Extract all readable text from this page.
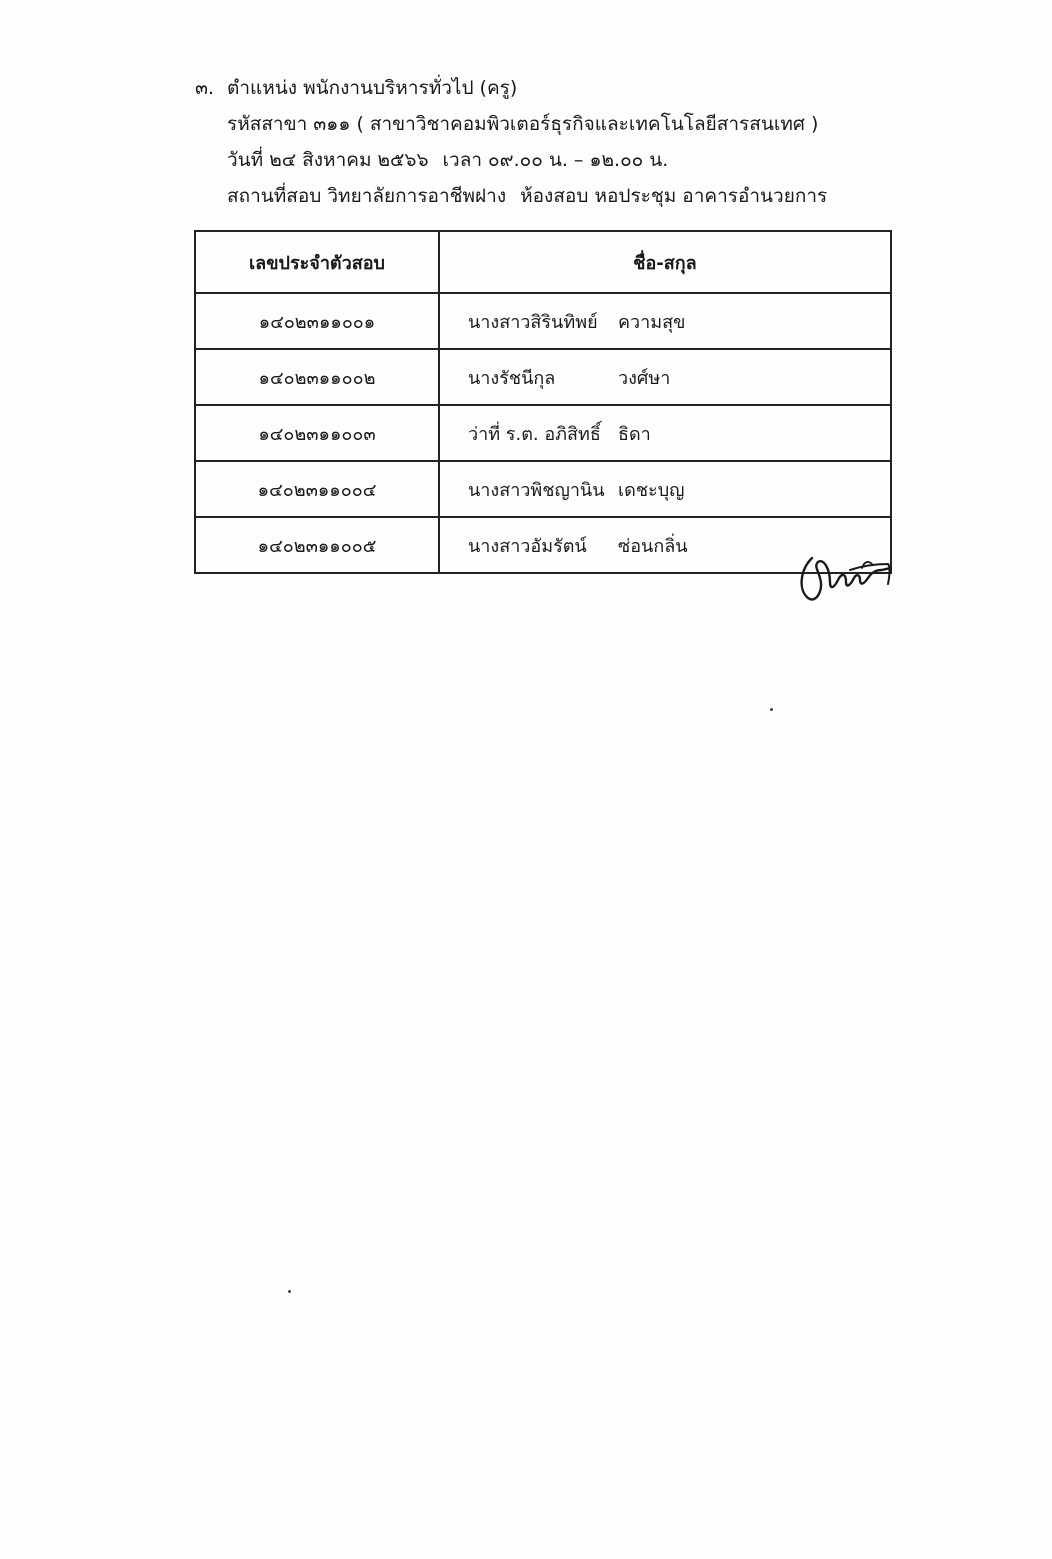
๓. ตำแหน่ง พนักงานบริหารทั่วไป (ครู)
รหัสสาขา ๓๑๑ ( สาขาวิชาคอมพิวเตอร์ธุรกิจและเทคโนโลยีสารสนเทศ )
วันที่ ๒๔ สิงหาคม ๒๕๖๖ เวลา ๐๙.๐๐ น. – ๑๒.๐๐ น.
สถานที่สอบ วิทยาลัยการอาชีพฝาง ห้องสอบ หอประชุม อาคารอำนวยการ
เลขประจำตัวสอบ	ชื่อ-สกุล
๑๔๐๒๓๑๑๐๐๑	นางสาวสิรินทิพย์ ความสุข
๑๔๐๒๓๑๑๐๐๒	นางรัชนีกุล วงศ์ษา
๑๔๐๒๓๑๑๐๐๓	ว่าที่ ร.ต. อภิสิทธิ์ ธิดา
๑๔๐๒๓๑๑๐๐๔	นางสาวพิชญานิน เดชะบุญ
๑๔๐๒๓๑๑๐๐๕	นางสาวอัมรัตน์ ซ่อนกลิ่น
